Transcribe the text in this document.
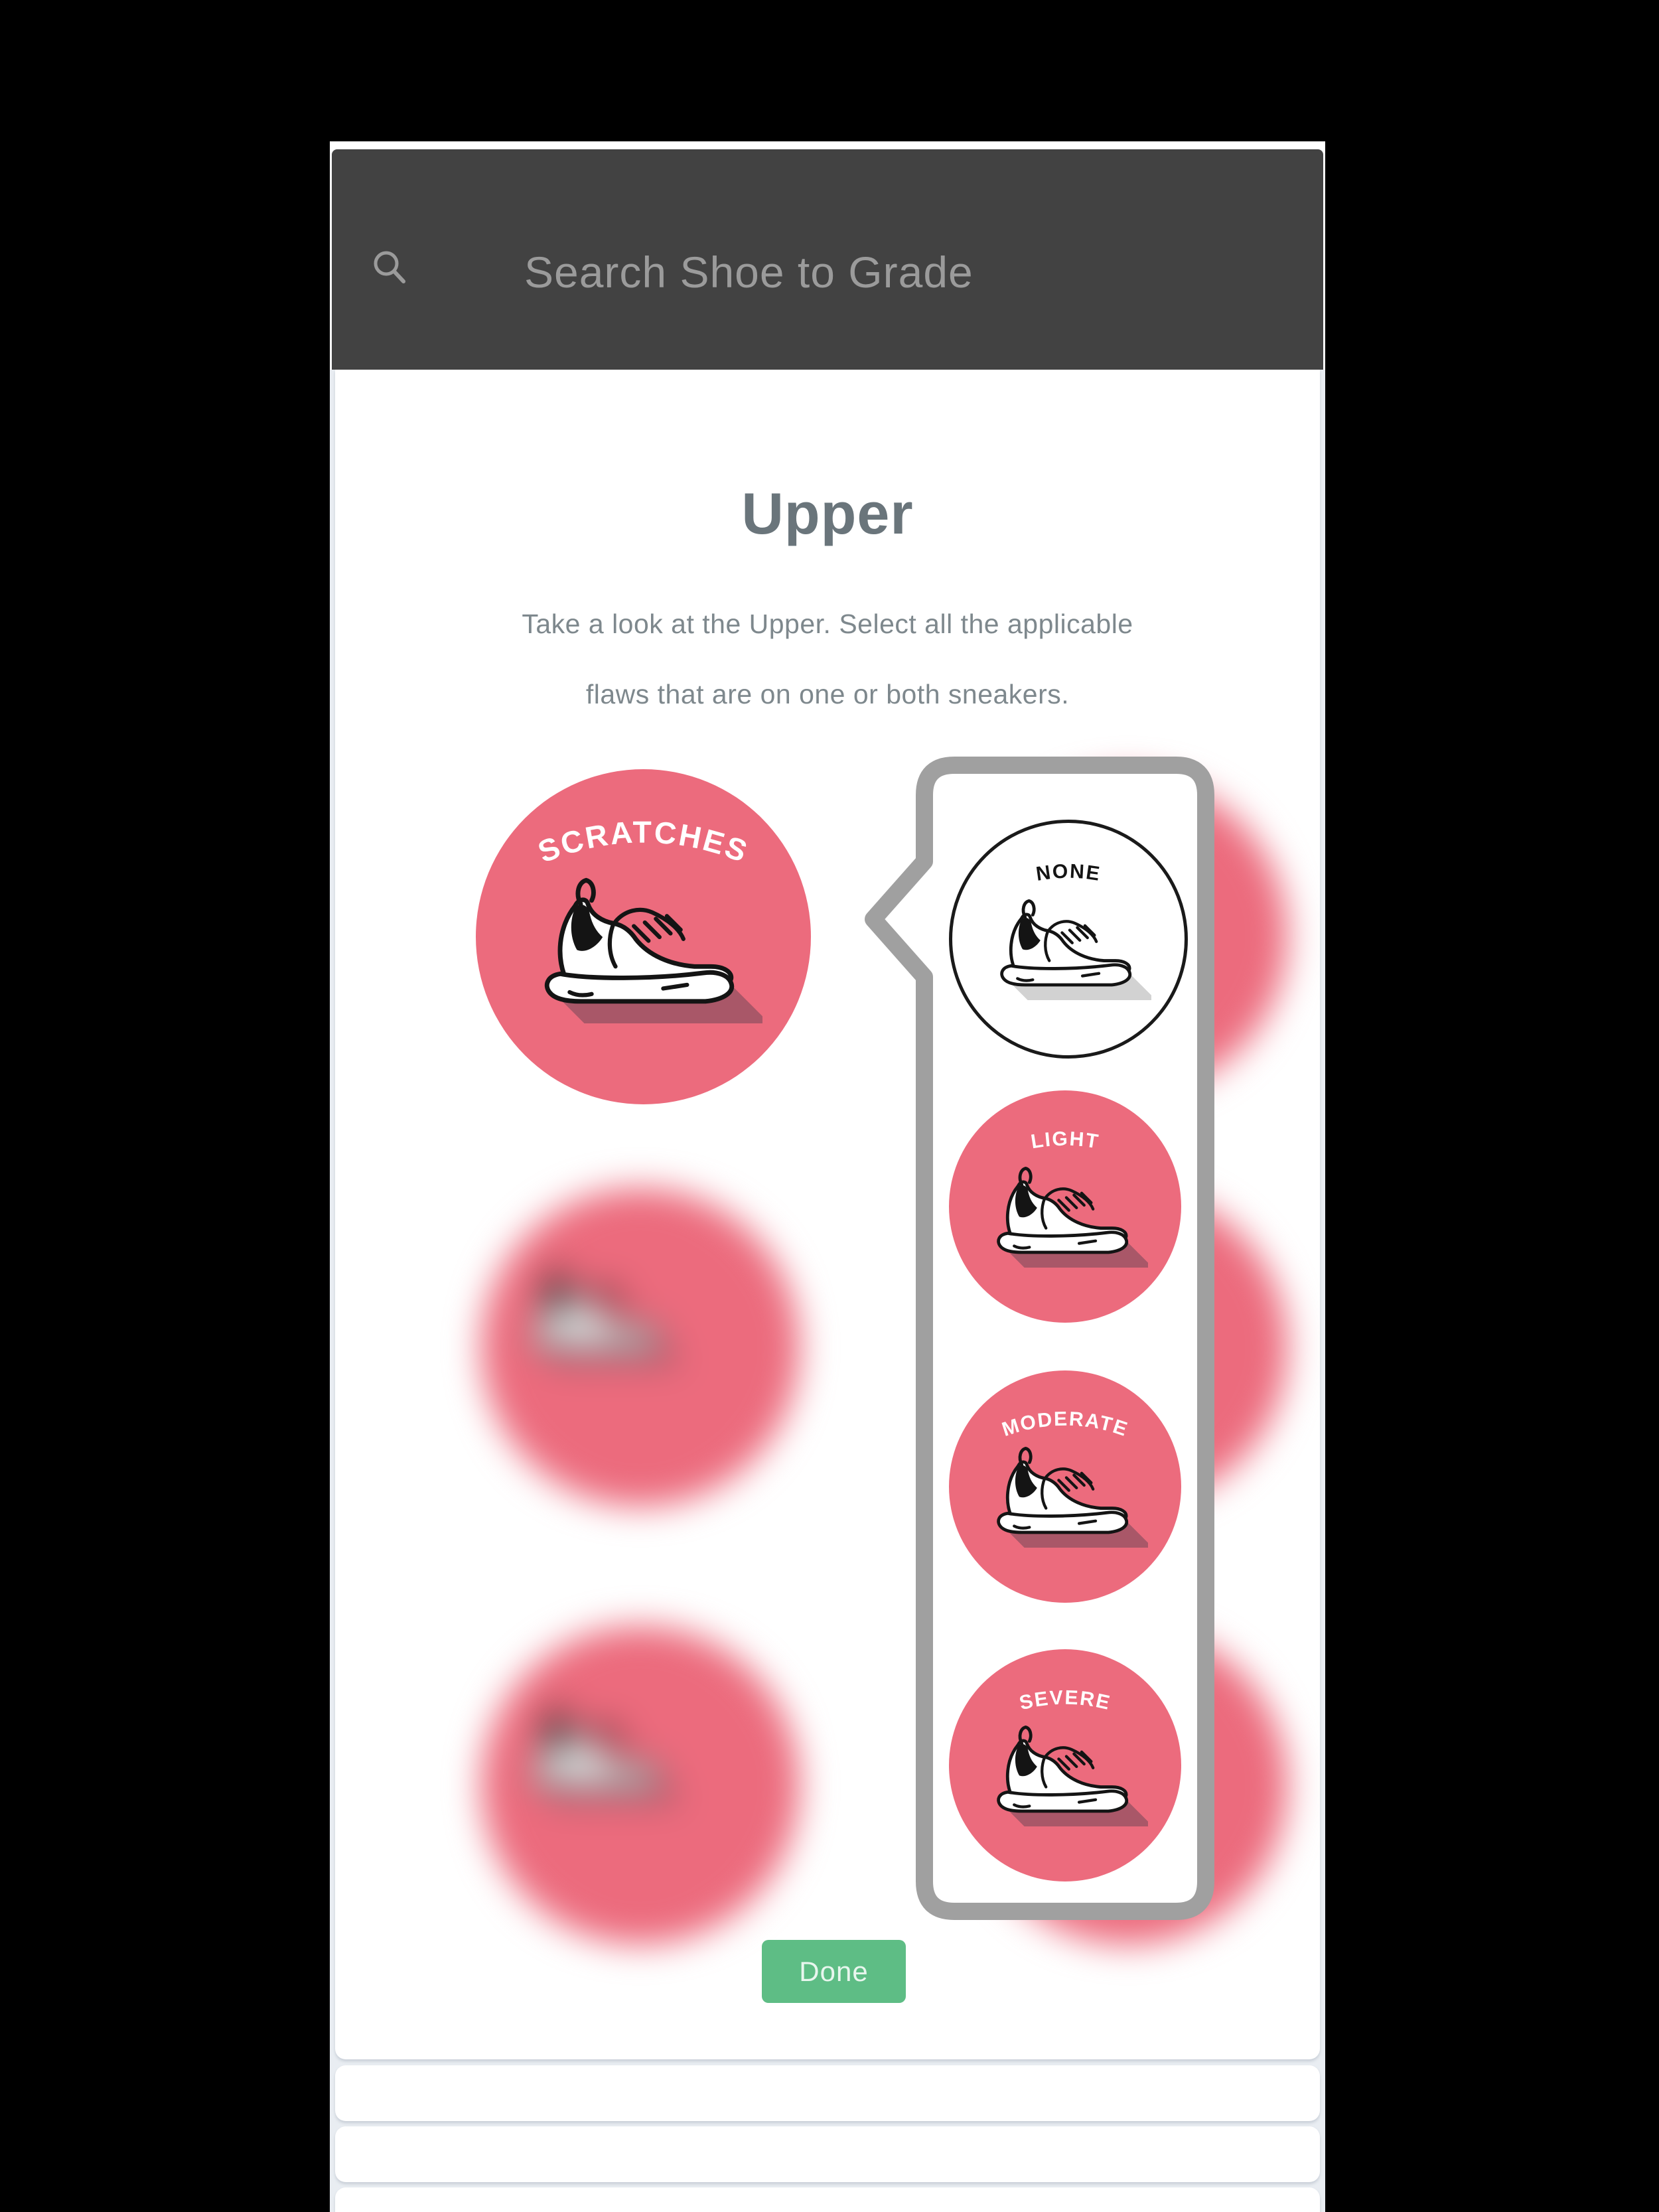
Search Shoe to Grade
Upper
Take a look at the Upper. Select all the applicable
flaws that are on one or both sneakers.
SCRATCHES
NONE
LIGHT
MODERATE
SEVERE
Done
